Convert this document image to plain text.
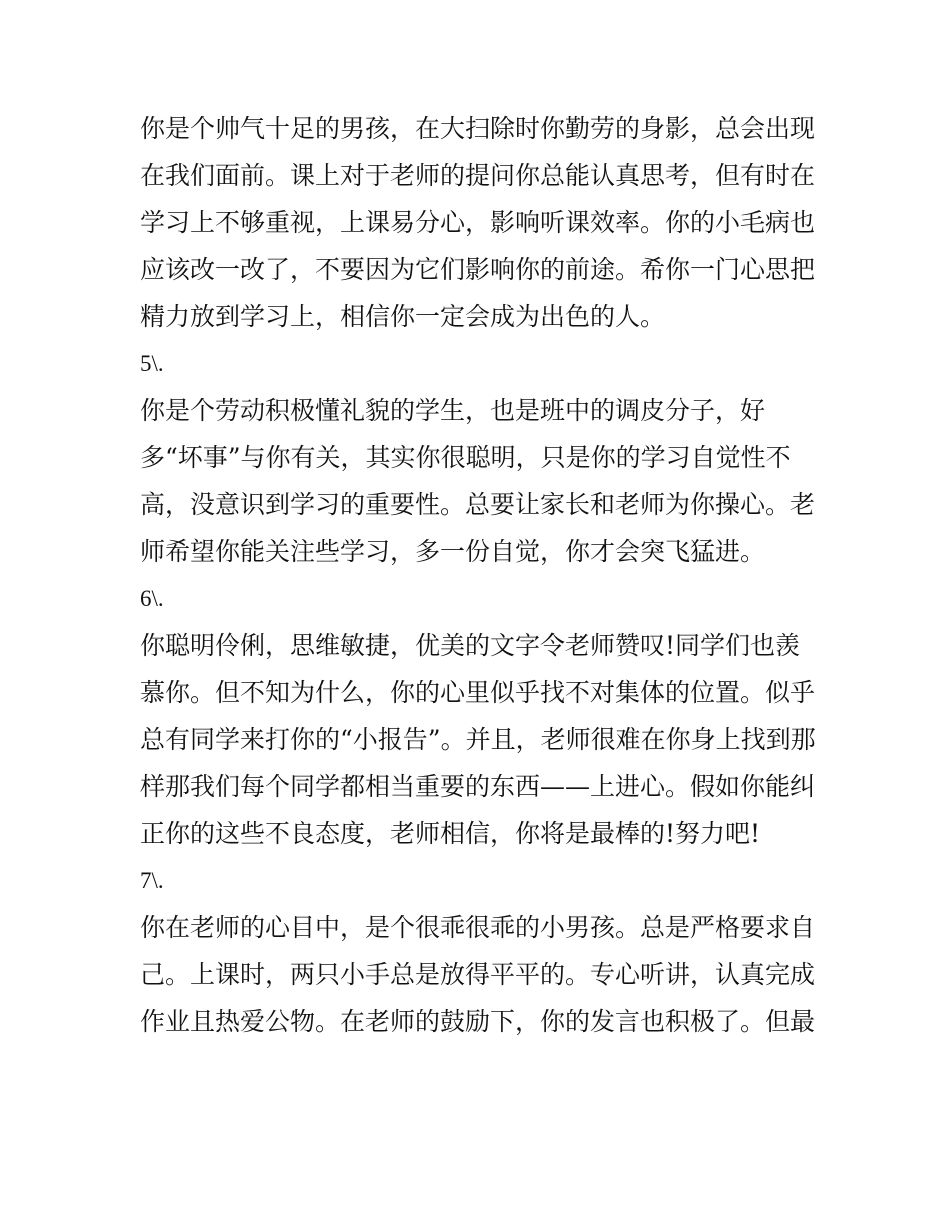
你是个帅气十足的男孩，在大扫除时你勤劳的身影，总会出现
在我们面前。课上对于老师的提问你总能认真思考，但有时在
学习上不够重视，上课易分心，影响听课效率。你的小毛病也
应该改一改了，不要因为它们影响你的前途。希你一门心思把
精力放到学习上，相信你一定会成为出色的人。
5\.
你是个劳动积极懂礼貌的学生，也是班中的调皮分子，好
多“坏事”与你有关，其实你很聪明，只是你的学习自觉性不
高，没意识到学习的重要性。总要让家长和老师为你操心。老
师希望你能关注些学习，多一份自觉，你才会突飞猛进。
6\.
你聪明伶俐，思维敏捷，优美的文字令老师赞叹!同学们也羡
慕你。但不知为什么，你的心里似乎找不对集体的位置。似乎
总有同学来打你的“小报告”。并且，老师很难在你身上找到那
样那我们每个同学都相当重要的东西——上进心。假如你能纠
正你的这些不良态度，老师相信，你将是最棒的!努力吧!
7\.
你在老师的心目中，是个很乖很乖的小男孩。总是严格要求自
己。上课时，两只小手总是放得平平的。专心听讲，认真完成
作业且热爱公物。在老师的鼓励下，你的发言也积极了。但最
